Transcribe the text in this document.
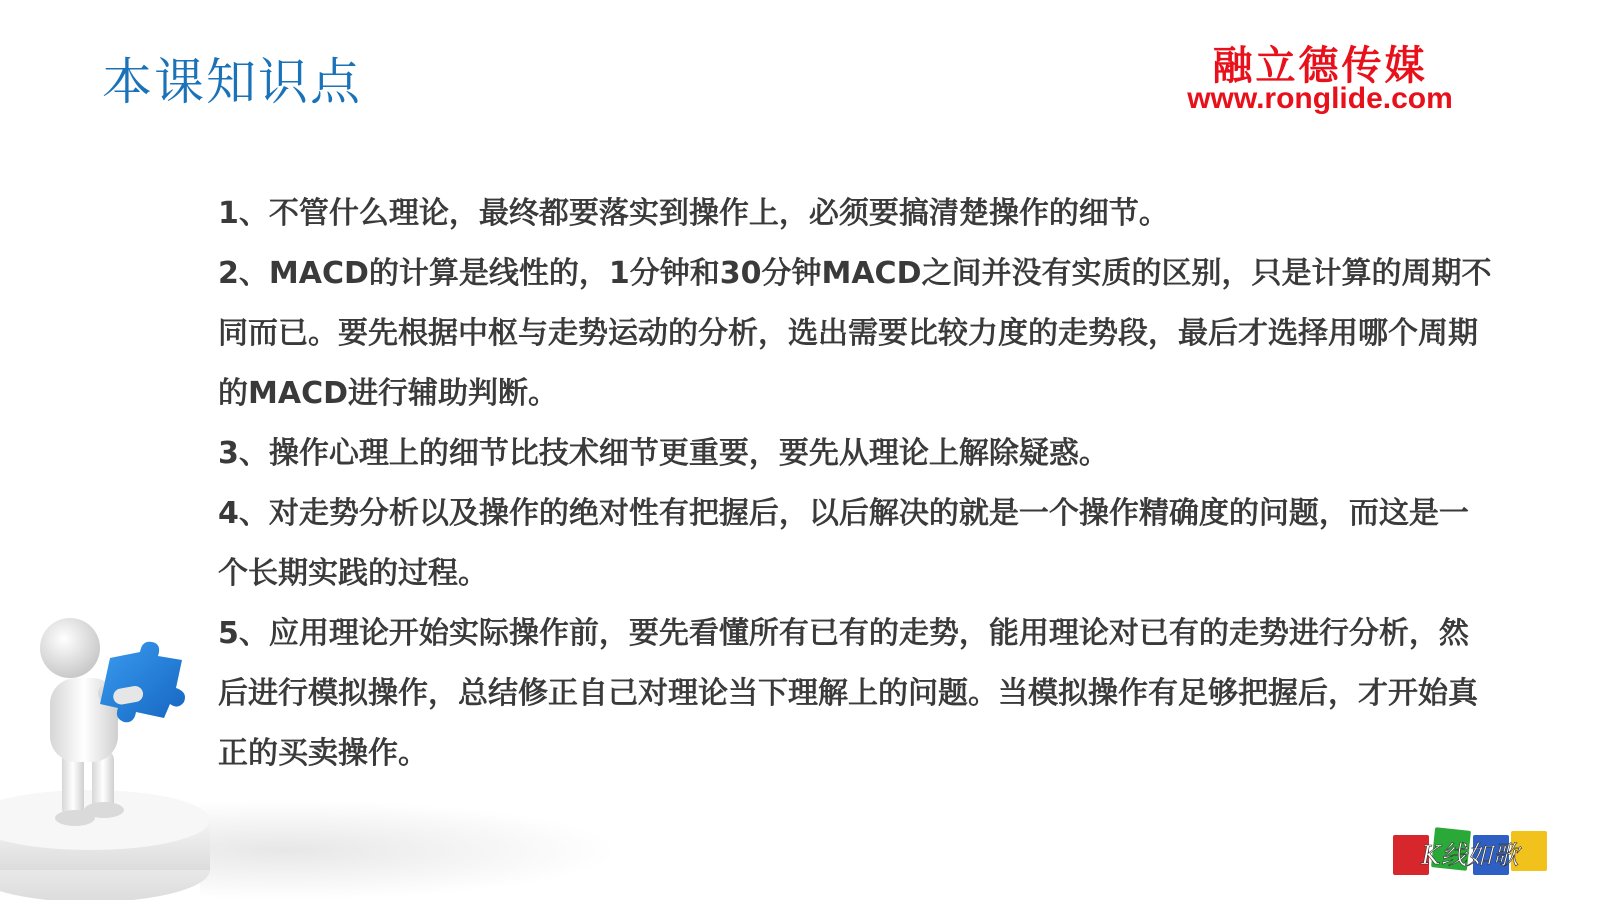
本课知识点	融立德传媒
www.ronglide.com

1、不管什么理论，最终都要落实到操作上，必须要搞清楚操作的细节。

2、MACD的计算是线性的，1分钟和30分钟MACD之间并没有实质的区别，只是计算的周期不同而已。要先根据中枢与走势运动的分析，选出需要比较力度的走势段，最后才选择用哪个周期的MACD进行辅助判断。

3、操作心理上的细节比技术细节更重要，要先从理论上解除疑惑。

4、对走势分析以及操作的绝对性有把握后，以后解决的就是一个操作精确度的问题，而这是一个长期实践的过程。

5、应用理论开始实际操作前，要先看懂所有已有的走势，能用理论对已有的走势进行分析，然后进行模拟操作，总结修正自己对理论当下理解上的问题。当模拟操作有足够把握后，才开始真正的买卖操作。

K线如歌
